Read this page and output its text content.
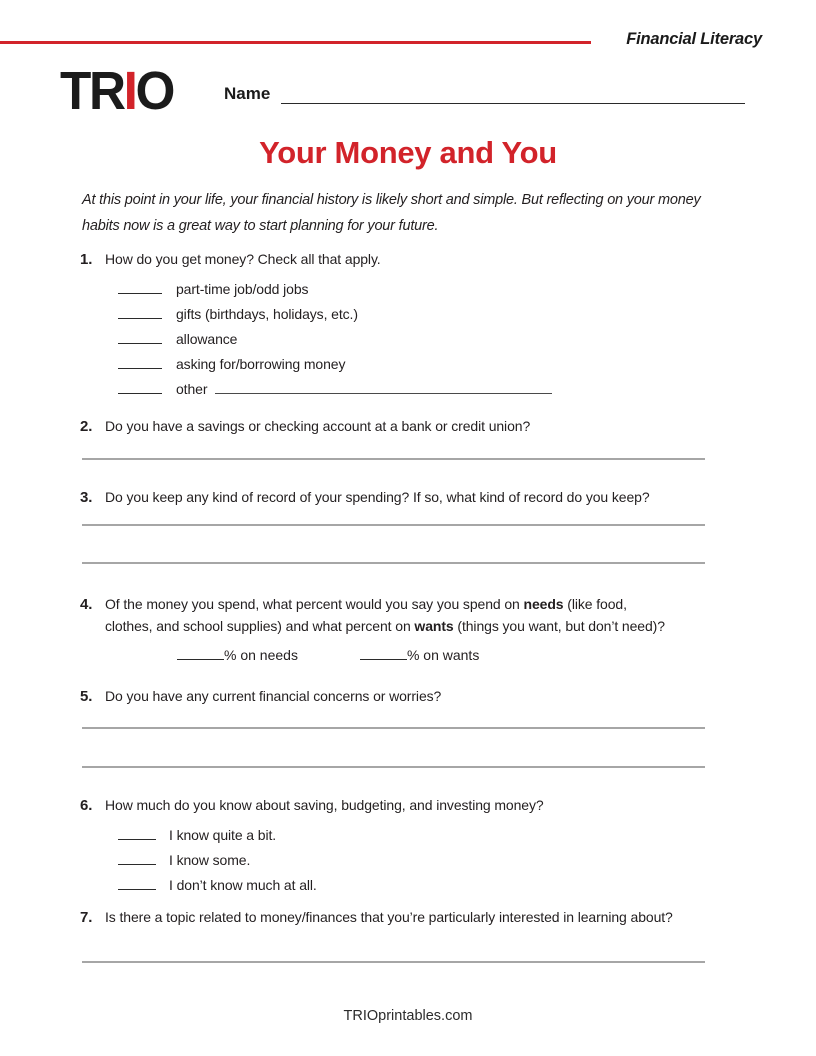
Financial Literacy
TRIO	Name
Your Money and You
At this point in your life, your financial history is likely short and simple. But reflecting on your money
habits now is a great way to start planning for your future.
1. How do you get money? Check all that apply.
part-time job/odd jobs
gifts (birthdays, holidays, etc.)
allowance
asking for/borrowing money
other
2. Do you have a savings or checking account at a bank or credit union?
3. Do you keep any kind of record of your spending? If so, what kind of record do you keep?
4. Of the money you spend, what percent would you say you spend on needs (like food,
clothes, and school supplies) and what percent on wants (things you want, but don’t need)?
% on needs	% on wants
5. Do you have any current financial concerns or worries?
6. How much do you know about saving, budgeting, and investing money?
I know quite a bit.
I know some.
I don’t know much at all.
7. Is there a topic related to money/finances that you’re particularly interested in learning about?
TRIOprintables.com
